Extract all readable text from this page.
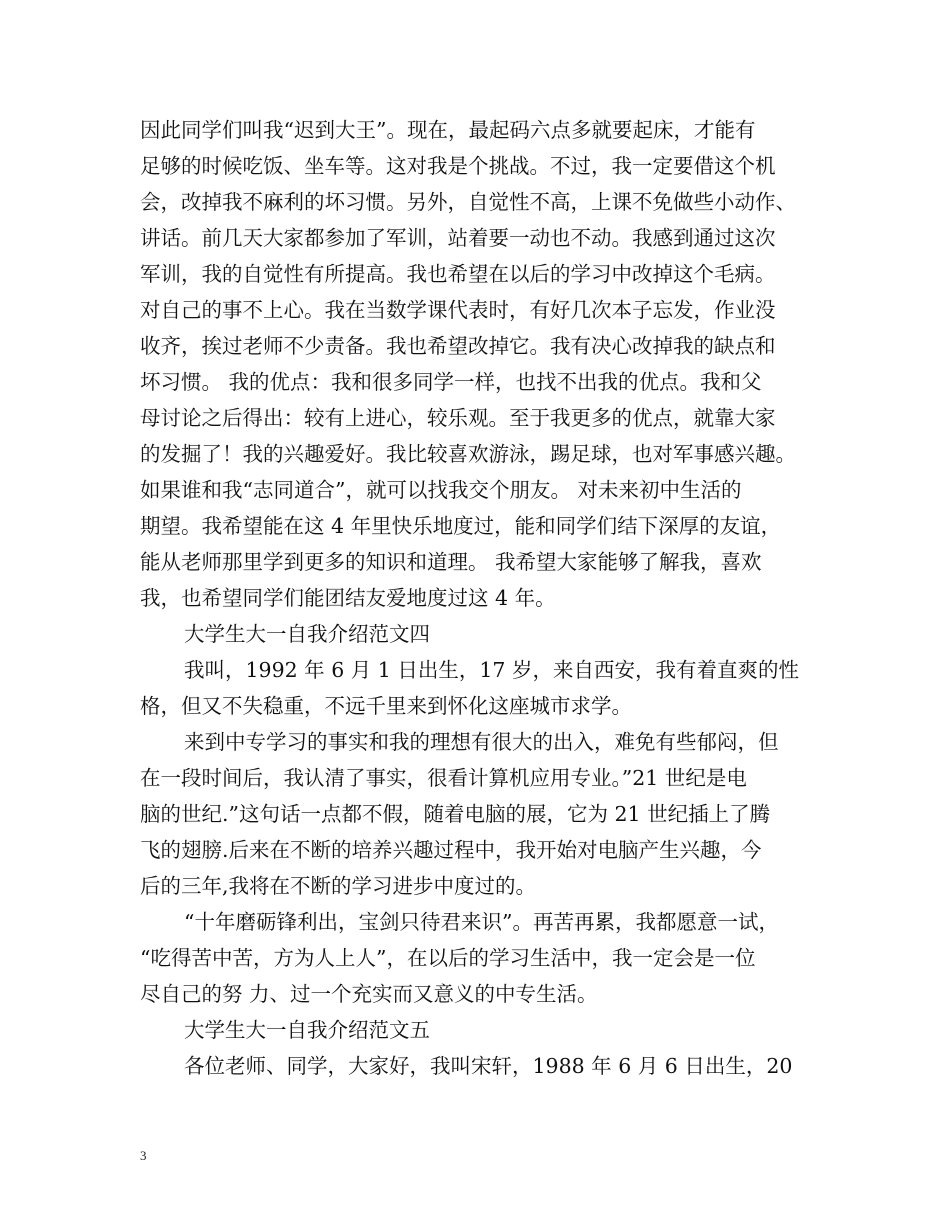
因此同学们叫我“迟到大王”。现在，最起码六点多就要起床，才能有
足够的时候吃饭、坐车等。这对我是个挑战。不过，我一定要借这个机
会，改掉我不麻利的坏习惯。另外，自觉性不高，上课不免做些小动作、
讲话。前几天大家都参加了军训，站着要一动也不动。我感到通过这次
军训，我的自觉性有所提高。我也希望在以后的学习中改掉这个毛病。
对自己的事不上心。我在当数学课代表时，有好几次本子忘发，作业没
收齐，挨过老师不少责备。我也希望改掉它。我有决心改掉我的缺点和
坏习惯。 我的优点：我和很多同学一样，也找不出我的优点。我和父
母讨论之后得出：较有上进心，较乐观。至于我更多的优点，就靠大家
的发掘了！我的兴趣爱好。我比较喜欢游泳，踢足球，也对军事感兴趣。
如果谁和我“志同道合”，就可以找我交个朋友。 对未来初中生活的
期望。我希望能在这 4 年里快乐地度过，能和同学们结下深厚的友谊，
能从老师那里学到更多的知识和道理。 我希望大家能够了解我，喜欢
我，也希望同学们能团结友爱地度过这 4 年。
大学生大一自我介绍范文四
我叫，1992 年 6 月 1 日出生，17 岁，来自西安，我有着直爽的性
格，但又不失稳重，不远千里来到怀化这座城市求学。
来到中专学习的事实和我的理想有很大的出入，难免有些郁闷，但
在一段时间后，我认清了事实，很看计算机应用专业。”21 世纪是电
脑的世纪.”这句话一点都不假，随着电脑的展，它为 21 世纪插上了腾
飞的翅膀.后来在不断的培养兴趣过程中，我开始对电脑产生兴趣，今
后的三年,我将在不断的学习进步中度过的。
“十年磨砺锋利出，宝剑只待君来识”。再苦再累，我都愿意一试，
“吃得苦中苦，方为人上人”，在以后的学习生活中，我一定会是一位
尽自己的努 力、过一个充实而又意义的中专生活。
大学生大一自我介绍范文五
各位老师、同学，大家好，我叫宋轩，1988 年 6 月 6 日出生，20
3
